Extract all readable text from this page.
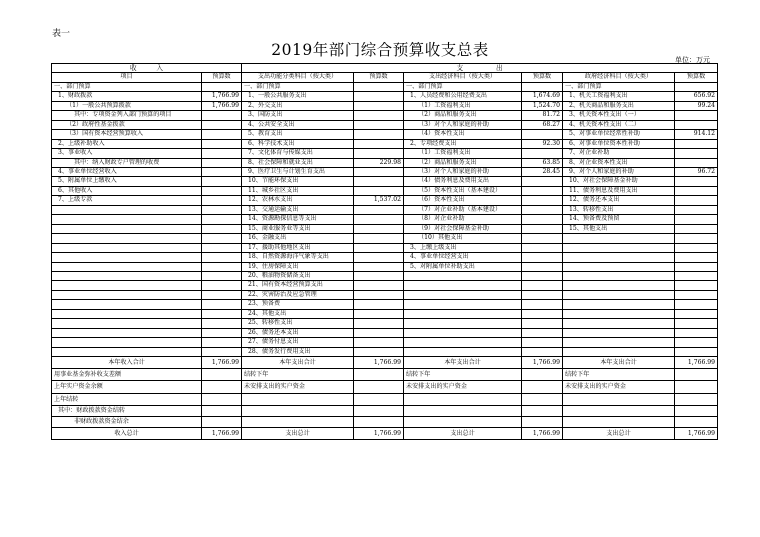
表一
2019年部门综合预算收支总表
单位：万元
收　　　入		支　　　　　出					
项目	预算数	支出功能分类科目（按大类）	预算数	支出经济科目（按大类）	预算数	政府经济科目（按大类）	预算数
一、部门预算		一、部门预算		一、部门预算		一、部门预算	
1、财政拨款	1,766.99	1、一般公共服务支出		1、人员经费和公用经费支出	1,674.69	1、机关工资福利支出	656.92
（1）一般公共预算拨款	1,766.99	2、外交支出		（1）工资福利支出	1,524.70	2、机关商品和服务支出	99.24
其中：专项资金列入部门预算的项目		3、国防支出		（2）商品和服务支出	81.72	3、机关资本性支出（一）	
（2）政府性基金拨款		4、公共安全支出		（3）对个人和家庭的补助	68.27	4、机关资本性支出（二）	
（3）国有资本经营预算收入		5、教育支出		（4）资本性支出		5、对事业单位经常性补助	914.12
2、上级补助收入		6、科学技术支出		2、专项经费支出	92.30	6、对事业单位资本性补助	
3、事业收入		7、文化体育与传媒支出		（1）工资福利支出		7、对企业补助	
其中：纳入财政专户管理的收费		8、社会保障和就业支出	229.98	（2）商品和服务支出	63.85	8、对企业资本性支出	
4、事业单位经营收入		9、医疗卫生与计划生育支出		（3）对个人和家庭的补助	28.45	9、对个人和家庭的补助	96.72
5、附属单位上缴收入		10、节能环保支出		（4）债务利息及费用支出		10、对社会保障基金补助	
6、其他收入		11、城乡社区支出		（5）资本性支出（基本建设）		11、债务利息及费用支出	
7、上级专款		12、农林水支出	1,537.02	（6）资本性支出		12、债务还本支出	
		13、交通运输支出		（7）对企业补助（基本建设）		13、转移性支出	
		14、资源勘探信息等支出		（8）对企业补助		14、预备费及预留	
		15、商业服务业等支出		（9）对社会保障基金补助		15、其他支出	
		16、金融支出		（10）其他支出			
		17、援助其他地区支出		3、上缴上级支出			
		18、自然资源海洋气象等支出		4、事业单位经营支出			
		19、住房保障支出		5、对附属单位补助支出			
		20、粮油物资储备支出					
		21、国有资本经营预算支出					
		22、灾害防治及应急管理					
		23、预备费					
		24、其他支出					
		25、转移性支出					
		26、债务还本支出					
		27、债务付息支出					
		28、债务发行费用支出					
本年收入合计	1,766.99	本年支出合计	1,766.99	本年支出合计	1,766.99	本年支出合计	1,766.99
用事业基金弥补收支差额		结转下年		结转下年		结转下年	
上年实户资金余额		未安排支出的实户资金		未安排支出的实户资金		未安排支出的实户资金	
上年结转							
其中：财政拨款资金结转							
非财政拨款资金结余							
收入总计	1,766.99	支出总计	1,766.99	支出总计	1,766.99	支出总计	1,766.99
